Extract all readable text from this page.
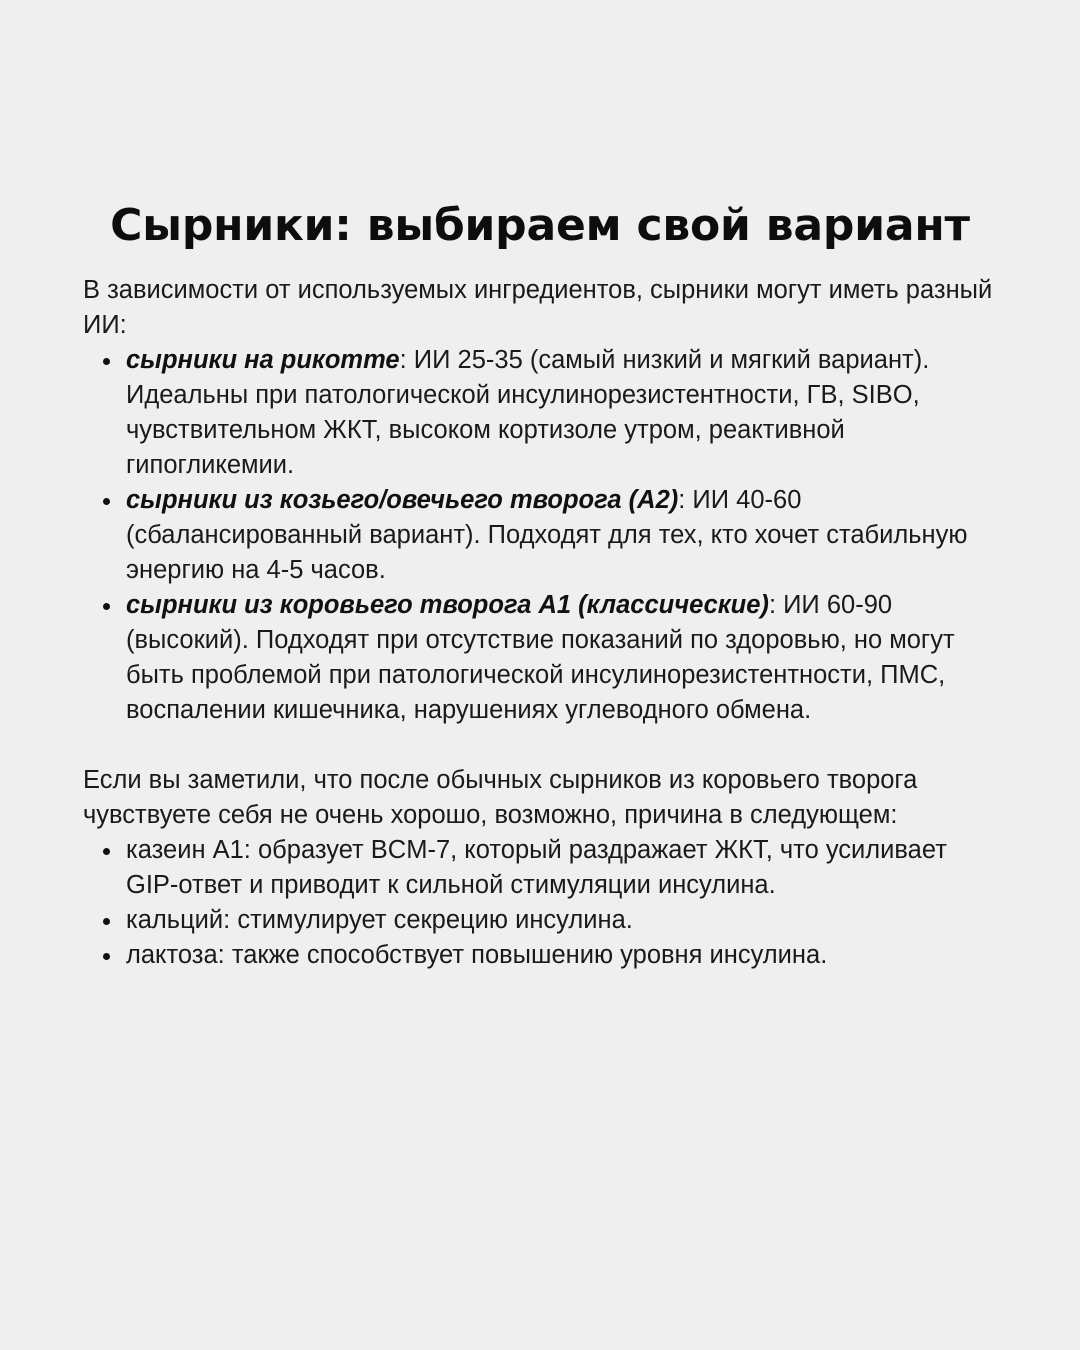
Сырники: выбираем свой вариант

В зависимости от используемых ингредиентов, сырники могут иметь разный ИИ:

сырники на рикотте: ИИ 25-35 (самый низкий и мягкий вариант). Идеальны при патологической инсулинорезистентности, ГВ, SIBO, чувствительном ЖКТ, высоком кортизоле утром, реактивной гипогликемии.
сырники из козьего/овечьего творога (А2): ИИ 40-60 (сбалансированный вариант). Подходят для тех, кто хочет стабильную энергию на 4-5 часов.
сырники из коровьего творога А1 (классические): ИИ 60-90 (высокий). Подходят при отсутствие показаний по здоровью, но могут быть проблемой при патологической инсулинорезистентности, ПМС, воспалении кишечника, нарушениях углеводного обмена.

Если вы заметили, что после обычных сырников из коровьего творога чувствуете себя не очень хорошо, возможно, причина в следующем:

казеин А1: образует BCM-7, который раздражает ЖКТ, что усиливает GIP-ответ и приводит к сильной стимуляции инсулина.
кальций: стимулирует секрецию инсулина.
лактоза: также способствует повышению уровня инсулина.
